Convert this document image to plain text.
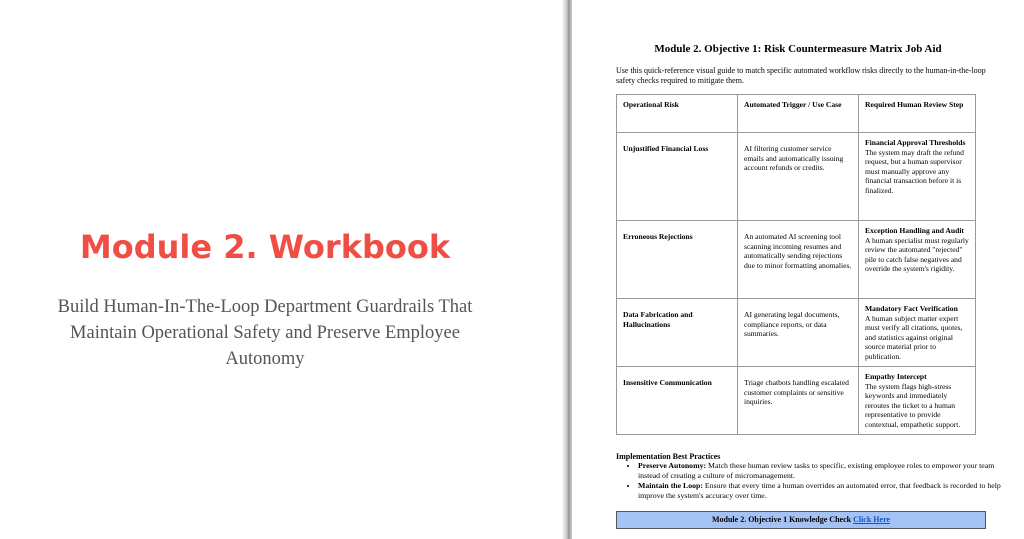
Module 2. Workbook
Build Human-In-The-Loop Department Guardrails That
Maintain Operational Safety and Preserve Employee
Autonomy
Module 2. Objective 1: Risk Countermeasure Matrix Job Aid
Use this quick-reference visual guide to match specific automated workflow risks directly to the human-in-the-loop safety checks required to mitigate them.
Operational Risk	Automated Trigger / Use Case	Required Human Review Step

Unjustified Financial Loss	AI filtering customer service emails and automatically issuing account refunds or credits.	Financial Approval Thresholds
The system may draft the refund request, but a human supervisor must manually approve any financial transaction before it is finalized.

Erroneous Rejections	An automated AI screening tool scanning incoming resumes and automatically sending rejections due to minor formatting anomalies.	Exception Handling and Audit
A human specialist must regularly review the automated "rejected" pile to catch false negatives and override the system's rigidity.

Data Fabrication and Hallucinations	AI generating legal documents, compliance reports, or data summaries.	Mandatory Fact Verification
A human subject matter expert must verify all citations, quotes, and statistics against original source material prior to publication.

Insensitive Communication	Triage chatbots handling escalated customer complaints or sensitive inquiries.	Empathy Intercept
The system flags high-stress keywords and immediately reroutes the ticket to a human representative to provide contextual, empathetic support.
Implementation Best Practices
• Preserve Autonomy: Match these human review tasks to specific, existing employee roles to empower your team instead of creating a culture of micromanagement.
• Maintain the Loop: Ensure that every time a human overrides an automated error, that feedback is recorded to help improve the system's accuracy over time.
Module 2. Objective 1 Knowledge Check Click Here
